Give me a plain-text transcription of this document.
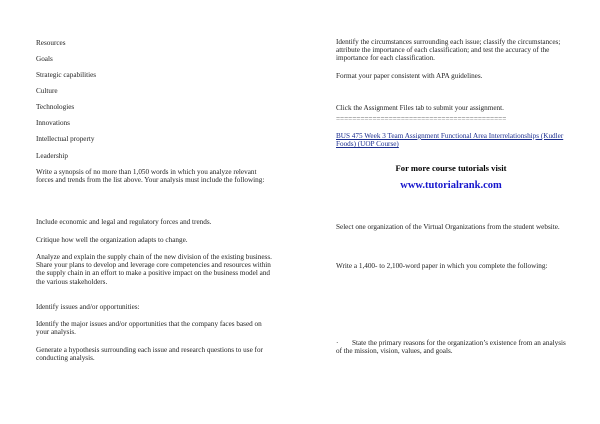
Resources

Goals

Strategic capabilities

Culture

Technologies

Innovations

Intellectual property

Leadership

Write a synopsis of no more than 1,050 words in which you analyze relevant forces and trends from the list above. Your analysis must include the following:

Include economic and legal and regulatory forces and trends.

Critique how well the organization adapts to change.

Analyze and explain the supply chain of the new division of the existing business. Share your plans to develop and leverage core competencies and resources within the supply chain in an effort to make a positive impact on the business model and the various stakeholders.

Identify issues and/or opportunities:

Identify the major issues and/or opportunities that the company faces based on your analysis.

Generate a hypothesis surrounding each issue and research questions to use for conducting analysis.

Identify the circumstances surrounding each issue; classify the circumstances; attribute the importance of each classification; and test the accuracy of the importance for each classification.

Format your paper consistent with APA guidelines.

Click the Assignment Files tab to submit your assignment.

==========================================

BUS 475 Week 3 Team Assignment Functional Area Interrelationships (Kudler Foods) (UOP Course)

For more course tutorials visit

www.tutorialrank.com

Select one organization of the Virtual Organizations from the student website.

Write a 1,400- to 2,100-word paper in which you complete the following:

·	State the primary reasons for the organization’s existence from an analysis of the mission, vision, values, and goals.
